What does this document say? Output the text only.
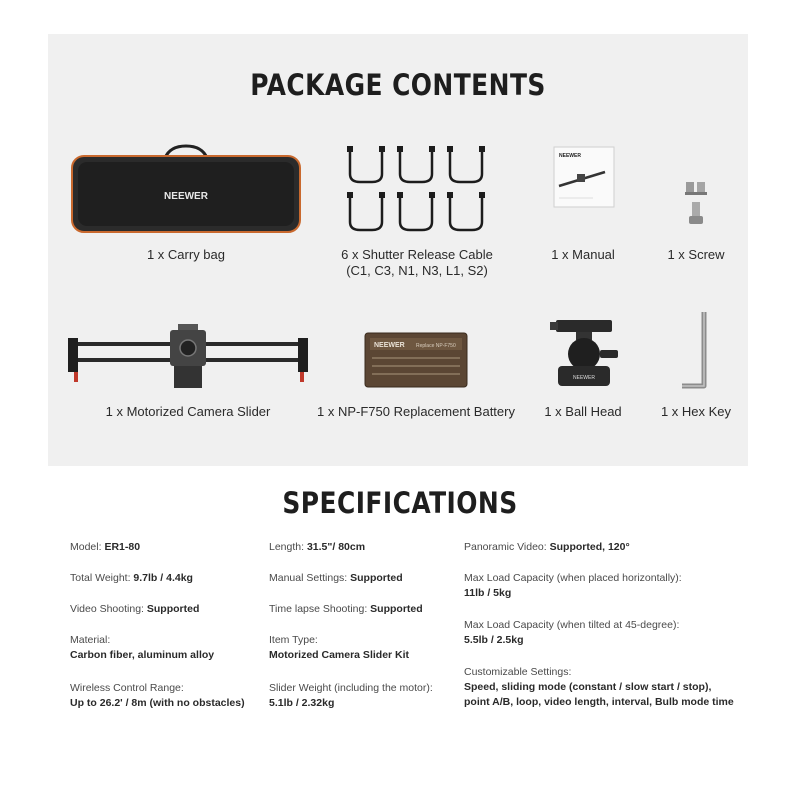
PACKAGE CONTENTS
NEEWER
1 x Carry bag	6 x Shutter Release Cable
(C1, C3, N1, N3, L1, S2)
NEEWER
1 x Manual	1 x Screw
1 x Motorized Camera Slider
NEEWER Replace NP-F750
1 x NP-F750 Replacement Battery
NEEWER
1 x Ball Head	1 x Hex Key
SPECIFICATIONS
Model: ER1-80
Total Weight: 9.7lb / 4.4kg
Video Shooting: Supported
Material:
Carbon fiber, aluminum alloy
Wireless Control Range:
Up to 26.2' / 8m (with no obstacles)
Length: 31.5"/ 80cm
Manual Settings: Supported
Time lapse Shooting: Supported
Item Type:
Motorized Camera Slider Kit
Slider Weight (including the motor):
5.1lb / 2.32kg
Panoramic Video: Supported, 120°
Max Load Capacity (when placed horizontally):
11lb / 5kg
Max Load Capacity (when tilted at 45-degree):
5.5lb / 2.5kg
Customizable Settings:
Speed, sliding mode (constant / slow start / stop),
point A/B, loop, video length, interval, Bulb mode time
